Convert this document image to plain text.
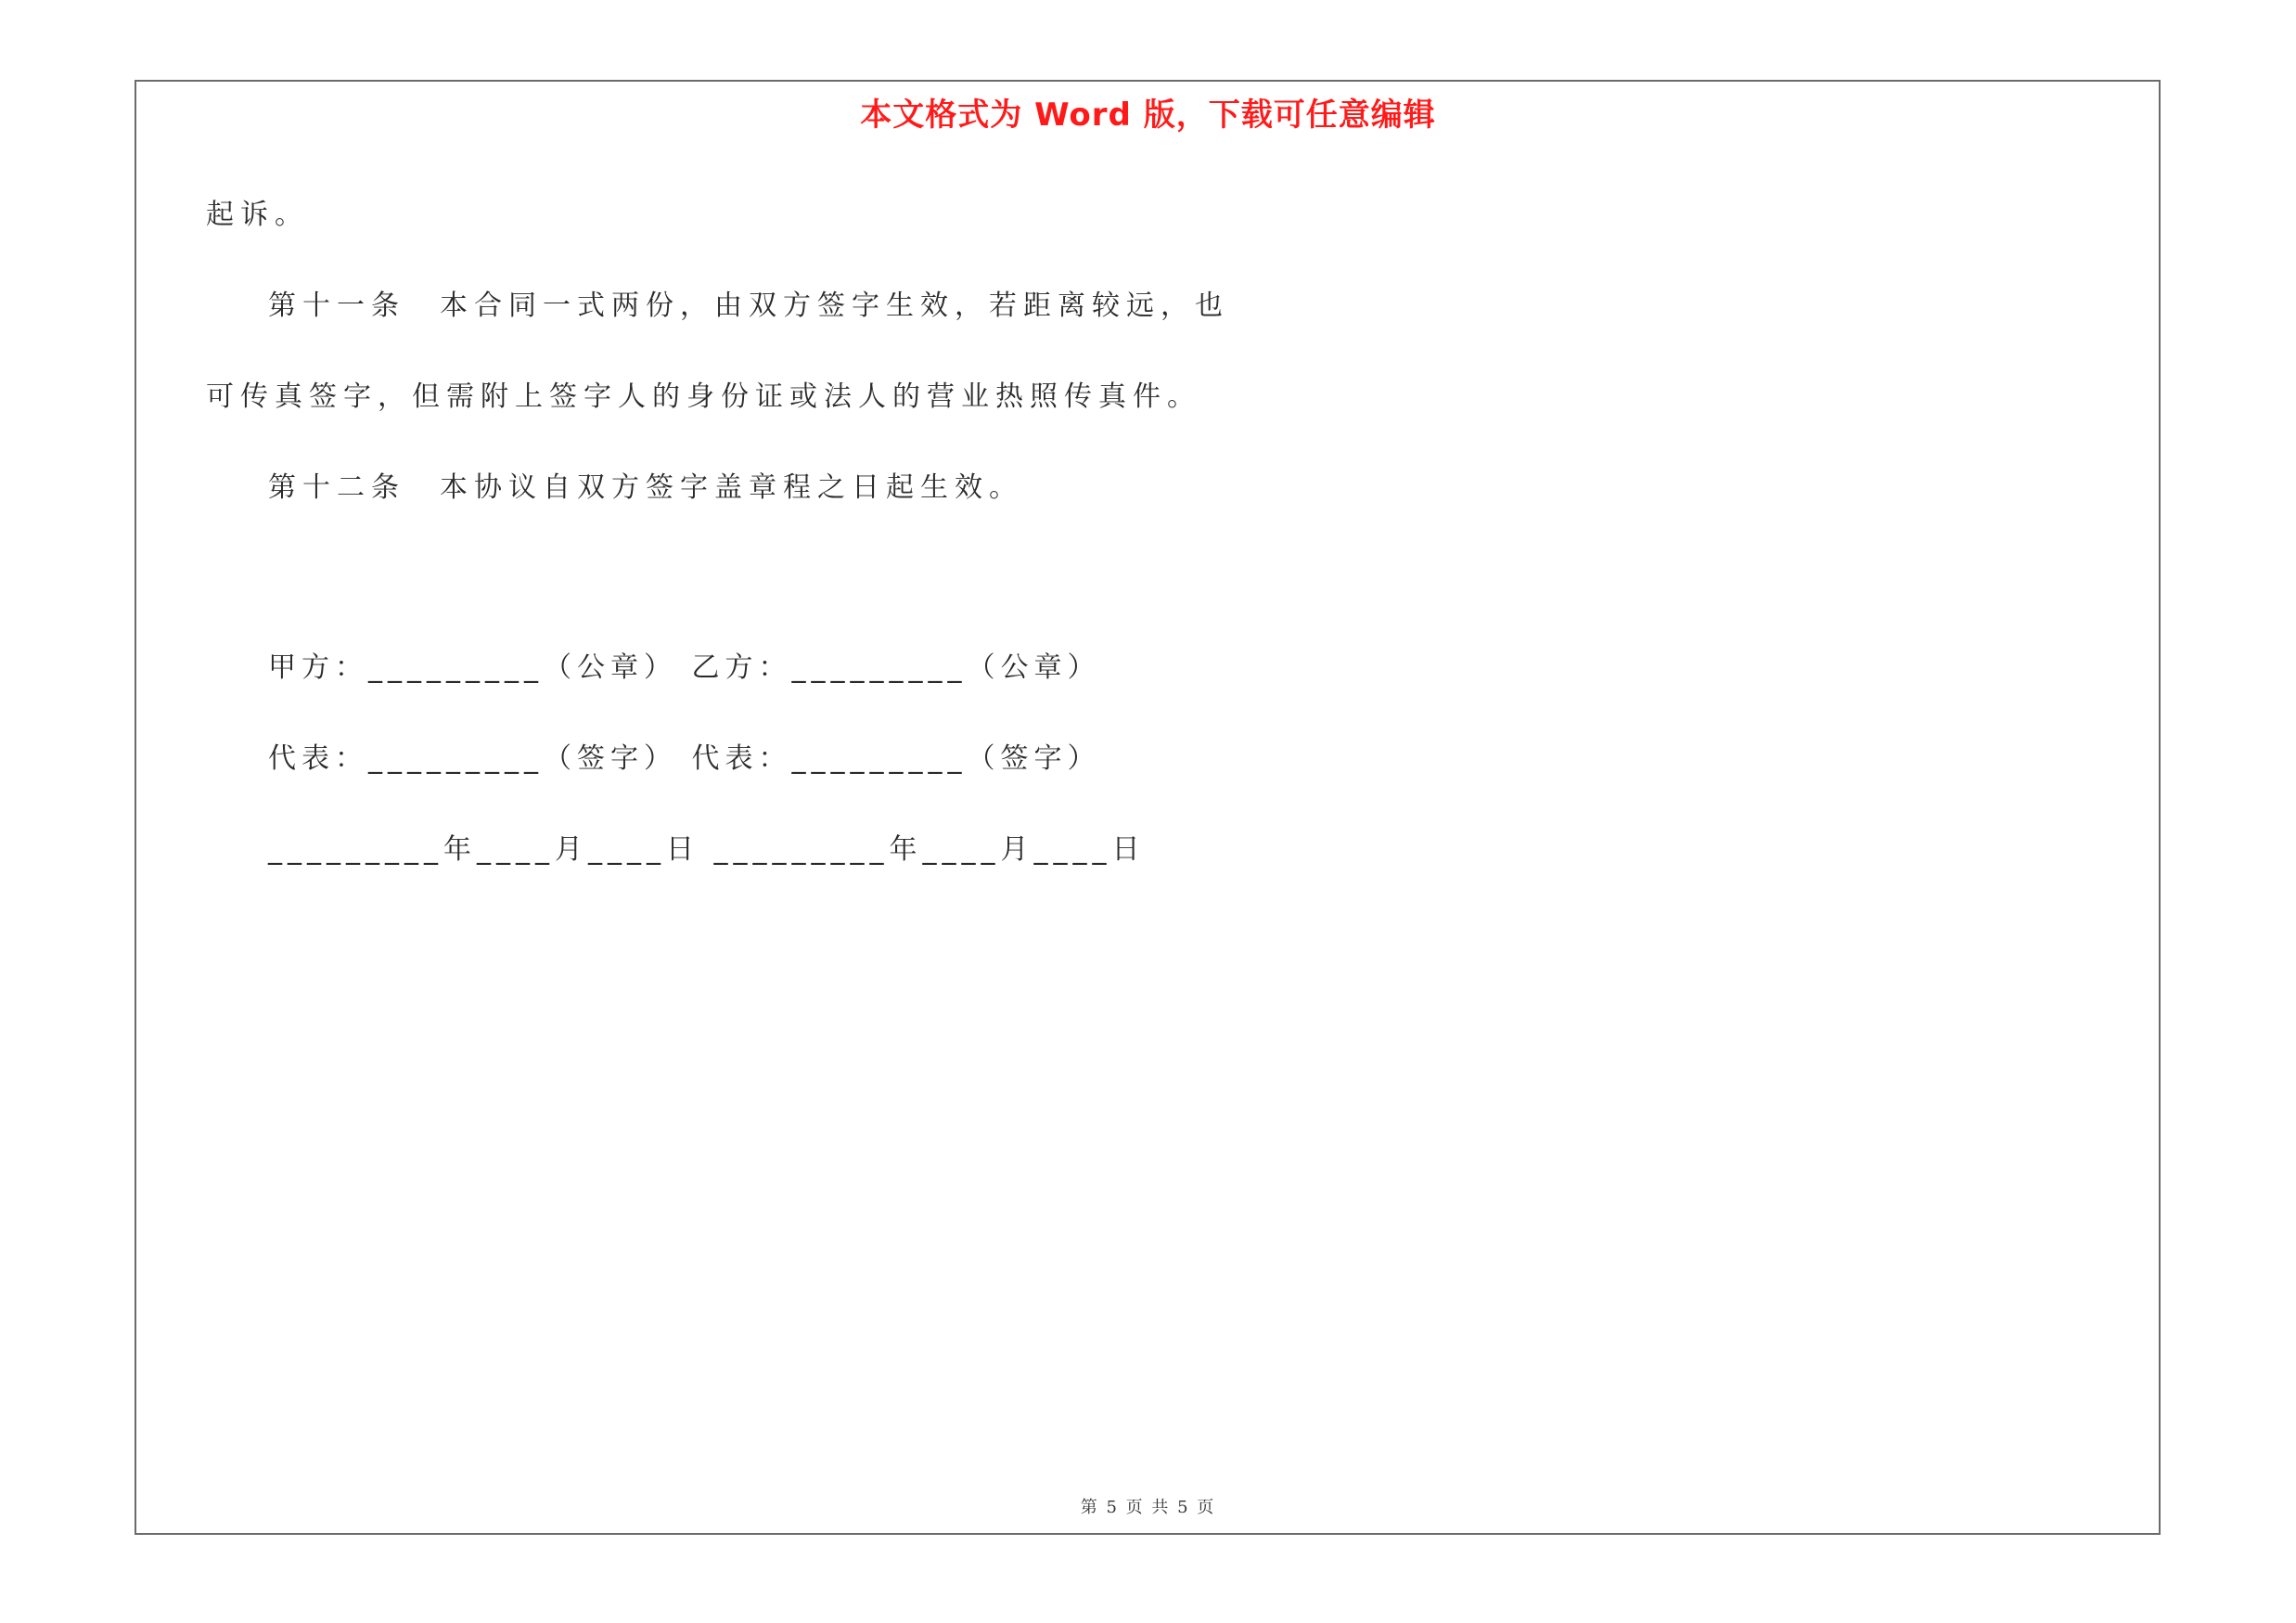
本文格式为 Word 版，下载可任意编辑
起诉。
第十一条　本合同一式两份，由双方签字生效，若距离较远，也
可传真签字，但需附上签字人的身份证或法人的营业热照传真件。
第十二条　本协议自双方签字盖章程之日起生效。
甲方：_________（公章） 乙方：_________（公章）
代表：_________（签字） 代表：_________（签字）
_________年____月____日 _________年____月____日
第 5 页 共 5 页
